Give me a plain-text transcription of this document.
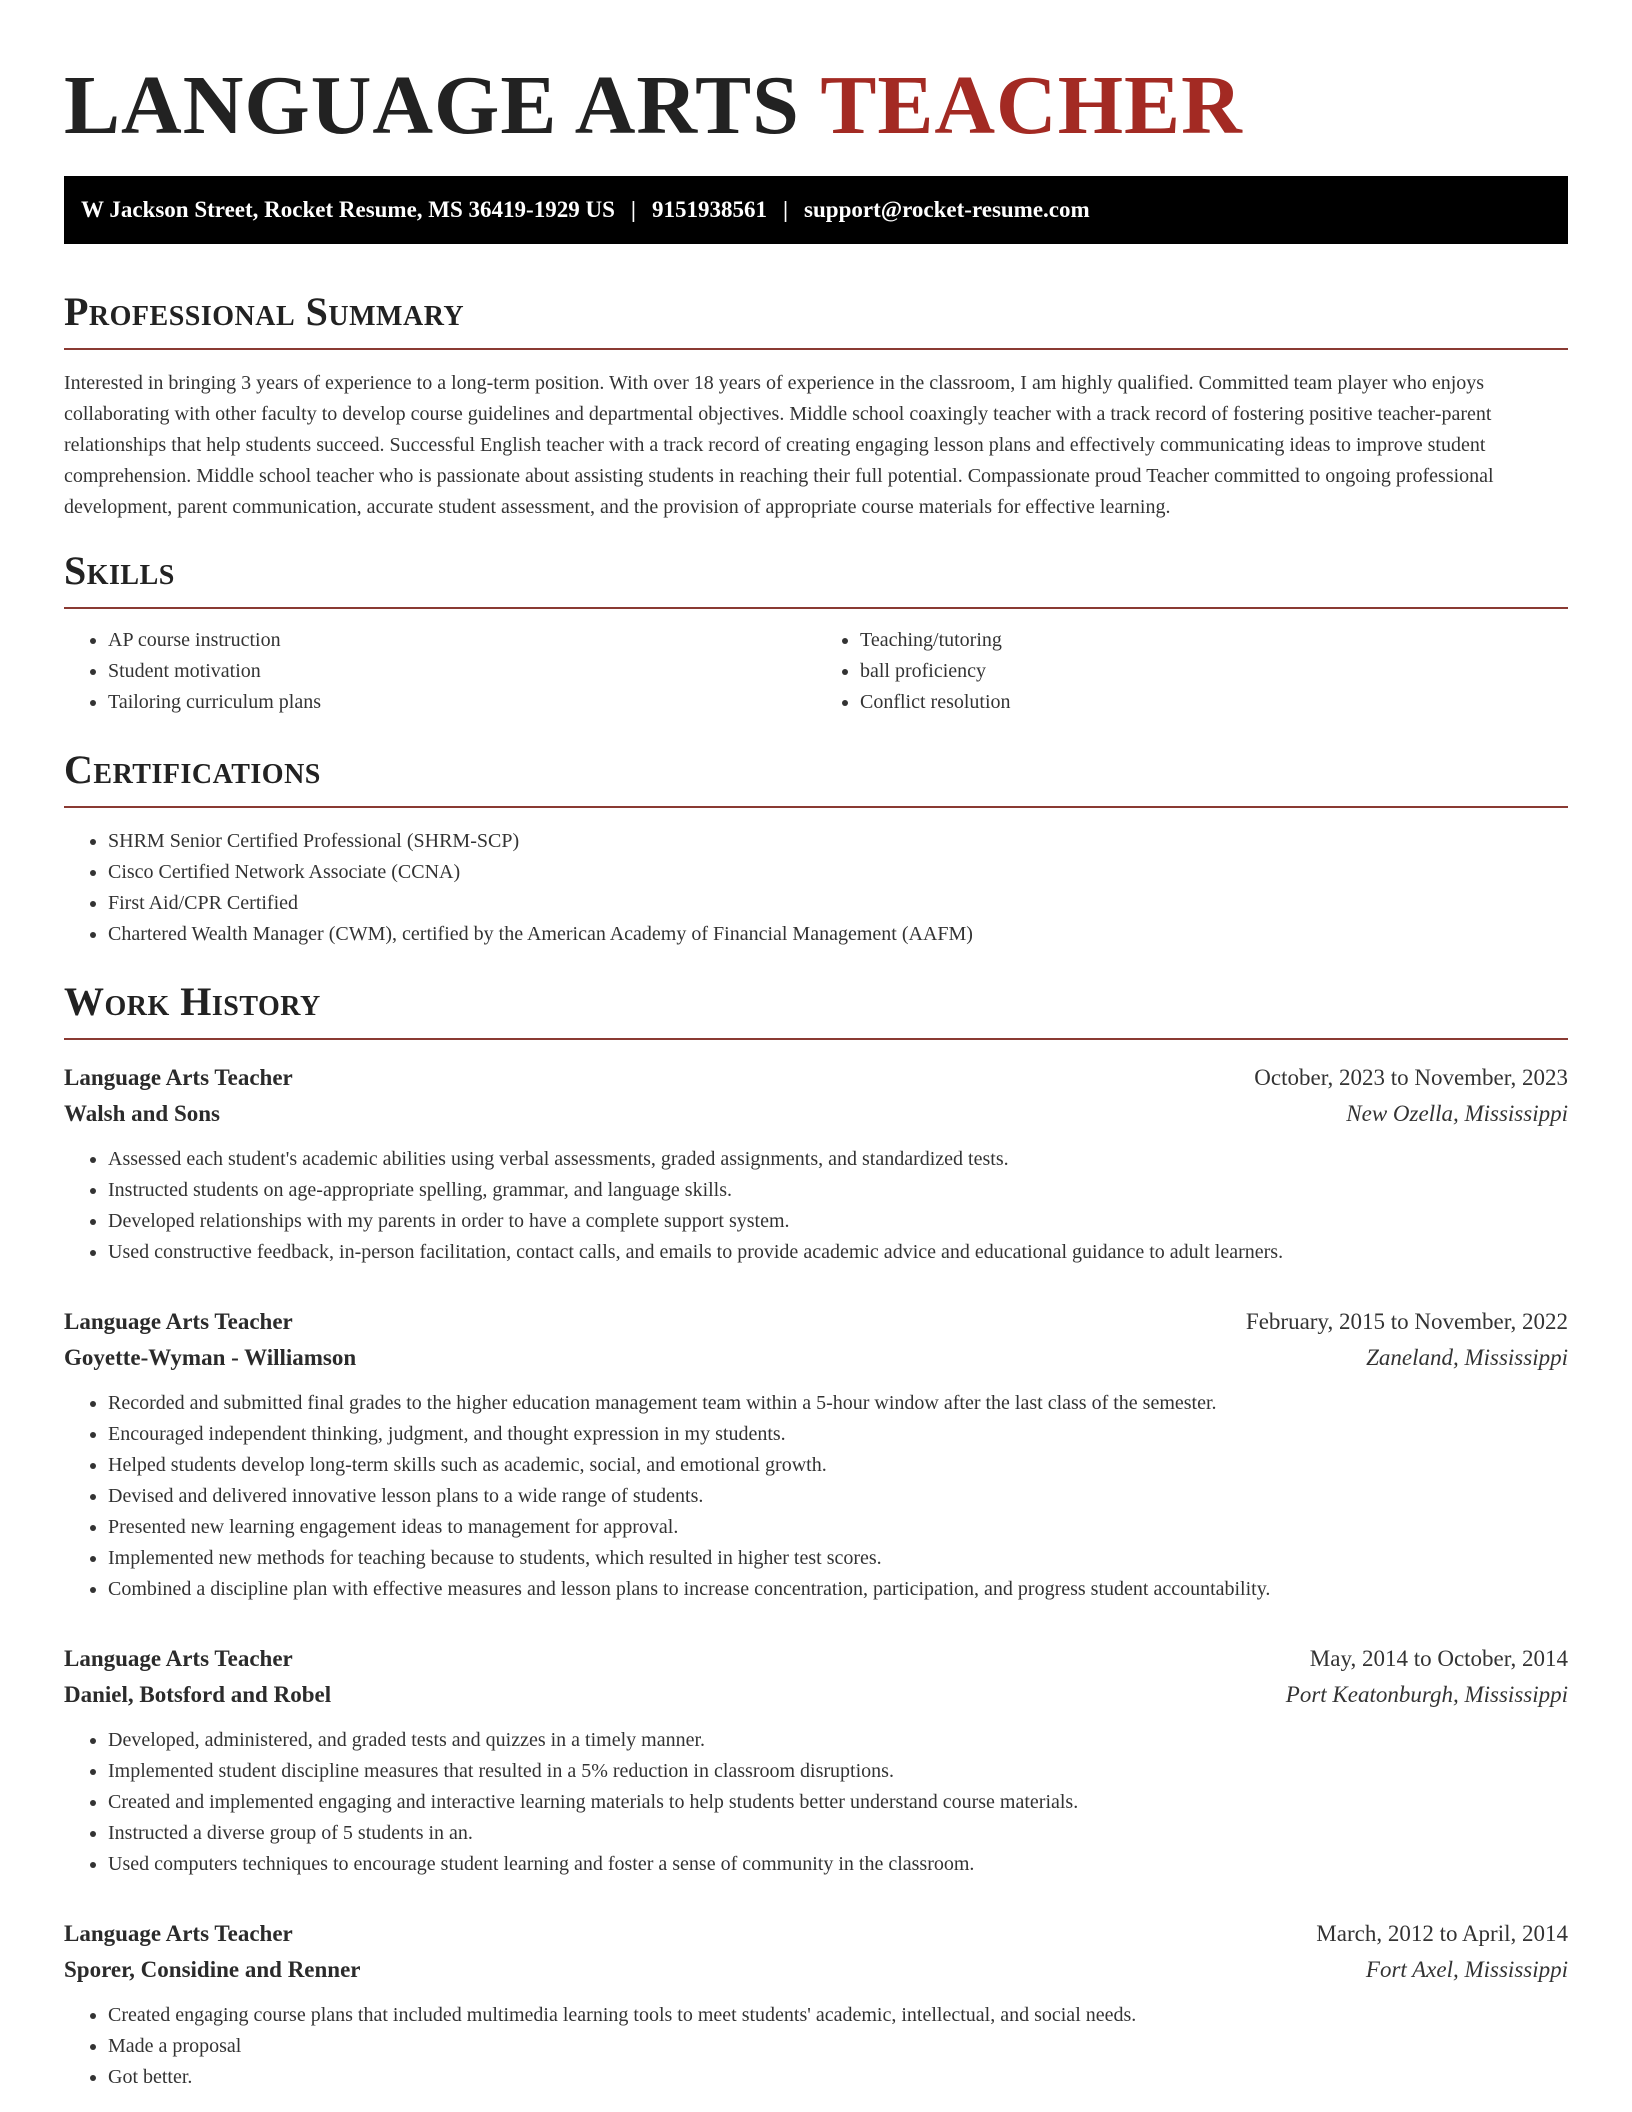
LANGUAGE ARTS TEACHER
W Jackson Street, Rocket Resume, MS 36419-1929 US | 9151938561 | support@rocket-resume.com
Professional Summary

Interested in bringing 3 years of experience to a long-term position. With over 18 years of experience in the classroom, I am highly qualified. Committed team player who enjoys collaborating with other faculty to develop course guidelines and departmental objectives. Middle school coaxingly teacher with a track record of fostering positive teacher-parent relationships that help students succeed. Successful English teacher with a track record of creating engaging lesson plans and effectively communicating ideas to improve student comprehension. Middle school teacher who is passionate about assisting students in reaching their full potential. Compassionate proud Teacher committed to ongoing professional development, parent communication, accurate student assessment, and the provision of appropriate course materials for effective learning.

Skills
• AP course instruction
• Student motivation
• Tailoring curriculum plans
• Teaching/tutoring
• ball proficiency
• Conflict resolution
Certifications
• SHRM Senior Certified Professional (SHRM-SCP)
• Cisco Certified Network Associate (CCNA)
• First Aid/CPR Certified
• Chartered Wealth Manager (CWM), certified by the American Academy of Financial Management (AAFM)
Work History
Language Arts Teacher	October, 2023 to November, 2023
Walsh and Sons	New Ozella, Mississippi
• Assessed each student's academic abilities using verbal assessments, graded assignments, and standardized tests.
• Instructed students on age-appropriate spelling, grammar, and language skills.
• Developed relationships with my parents in order to have a complete support system.
• Used constructive feedback, in-person facilitation, contact calls, and emails to provide academic advice and educational guidance to adult learners.
Language Arts Teacher	February, 2015 to November, 2022
Goyette-Wyman - Williamson	Zaneland, Mississippi
• Recorded and submitted final grades to the higher education management team within a 5-hour window after the last class of the semester.
• Encouraged independent thinking, judgment, and thought expression in my students.
• Helped students develop long-term skills such as academic, social, and emotional growth.
• Devised and delivered innovative lesson plans to a wide range of students.
• Presented new learning engagement ideas to management for approval.
• Implemented new methods for teaching because to students, which resulted in higher test scores.
• Combined a discipline plan with effective measures and lesson plans to increase concentration, participation, and progress student accountability.
Language Arts Teacher	May, 2014 to October, 2014
Daniel, Botsford and Robel	Port Keatonburgh, Mississippi
• Developed, administered, and graded tests and quizzes in a timely manner.
• Implemented student discipline measures that resulted in a 5% reduction in classroom disruptions.
• Created and implemented engaging and interactive learning materials to help students better understand course materials.
• Instructed a diverse group of 5 students in an.
• Used computers techniques to encourage student learning and foster a sense of community in the classroom.
Language Arts Teacher	March, 2012 to April, 2014
Sporer, Considine and Renner	Fort Axel, Mississippi
• Created engaging course plans that included multimedia learning tools to meet students' academic, intellectual, and social needs.
• Made a proposal
• Got better.
